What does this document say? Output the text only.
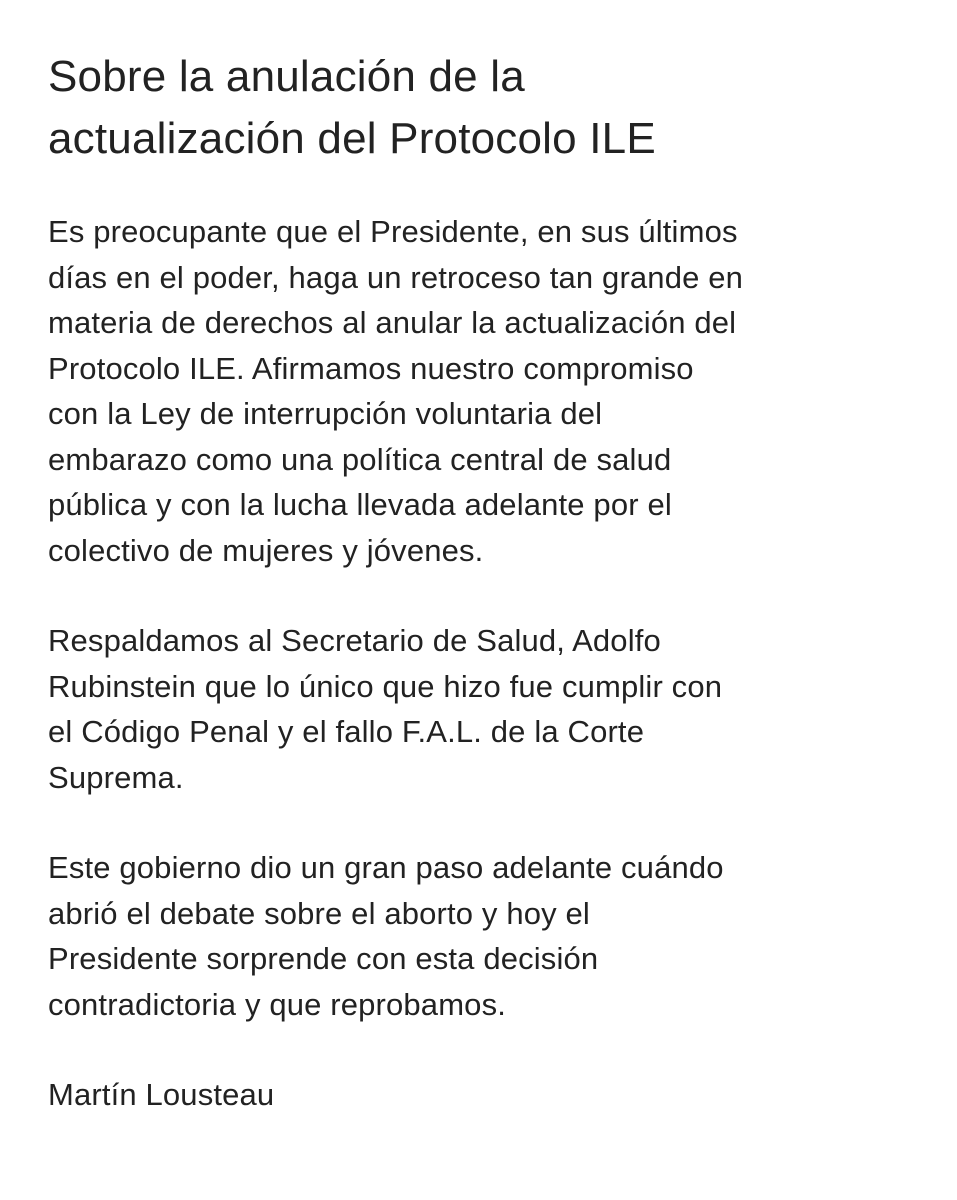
Sobre la anulación de la
actualización del Protocolo ILE

Es preocupante que el Presidente, en sus últimos
días en el poder, haga un retroceso tan grande en
materia de derechos al anular la actualización del
Protocolo ILE. Afirmamos nuestro compromiso
con la Ley de interrupción voluntaria del
embarazo como una política central de salud
pública y con la lucha llevada adelante por el
colectivo de mujeres y jóvenes.

Respaldamos al Secretario de Salud, Adolfo
Rubinstein que lo único que hizo fue cumplir con
el Código Penal y el fallo F.A.L. de la Corte
Suprema.

Este gobierno dio un gran paso adelante cuándo
abrió el debate sobre el aborto y hoy el
Presidente sorprende con esta decisión
contradictoria y que reprobamos.

Martín Lousteau
